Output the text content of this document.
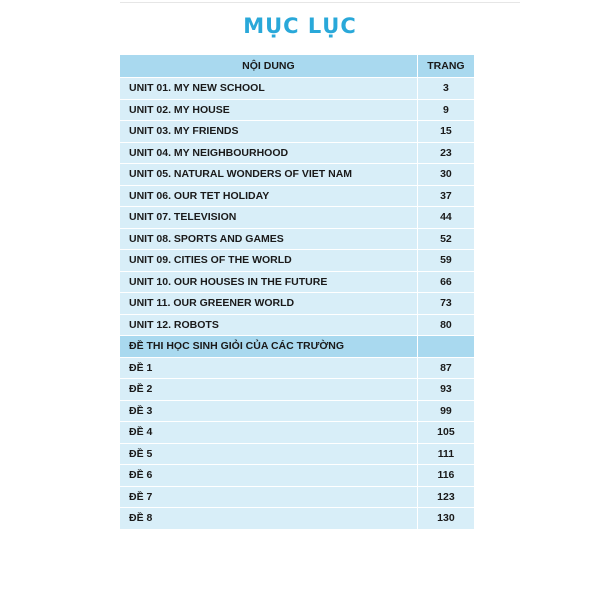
MỤC LỤC
NỘI DUNG	TRANG
UNIT 01. MY NEW SCHOOL	3
UNIT 02. MY HOUSE	9
UNIT 03. MY FRIENDS	15
UNIT 04. MY NEIGHBOURHOOD	23
UNIT 05. NATURAL WONDERS OF VIET NAM	30
UNIT 06. OUR TET HOLIDAY	37
UNIT 07. TELEVISION	44
UNIT 08. SPORTS AND GAMES	52
UNIT 09. CITIES OF THE WORLD	59
UNIT 10. OUR HOUSES IN THE FUTURE	66
UNIT 11. OUR GREENER WORLD	73
UNIT 12. ROBOTS	80
ĐỀ THI HỌC SINH GIỎI CỦA CÁC TRƯỜNG	
ĐỀ 1	87
ĐỀ 2	93
ĐỀ 3	99
ĐỀ 4	105
ĐỀ 5	111
ĐỀ 6	116
ĐỀ 7	123
ĐỀ 8	130
